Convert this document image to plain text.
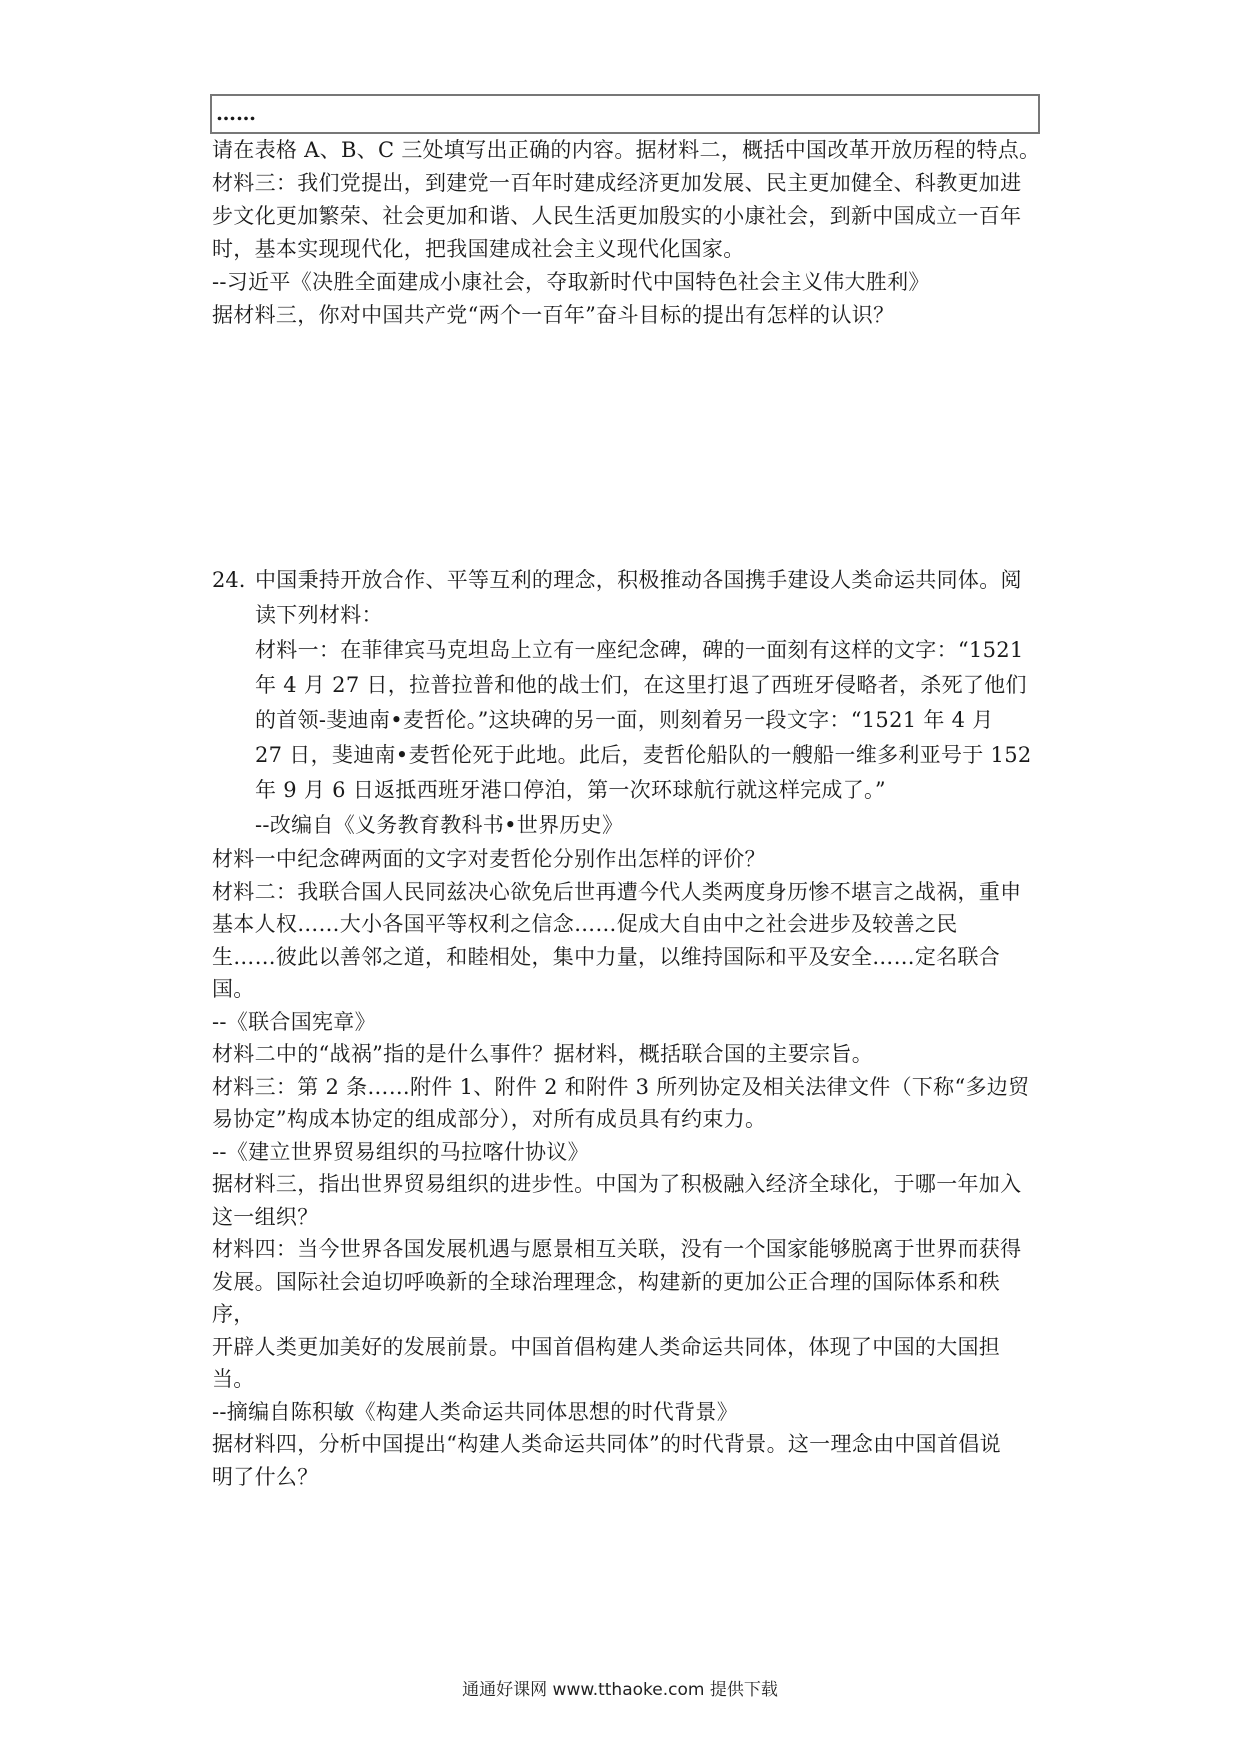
……

请在表格 A、B、C 三处填写出正确的内容。据材料二，概括中国改革开放历程的特点。

材料三：我们党提出，到建党一百年时建成经济更加发展、民主更加健全、科教更加进

步文化更加繁荣、社会更加和谐、人民生活更加殷实的小康社会，到新中国成立一百年

时，基本实现现代化，把我国建成社会主义现代化国家。

--习近平《决胜全面建成小康社会，夺取新时代中国特色社会主义伟大胜利》

据材料三，你对中国共产党“两个一百年”奋斗目标的提出有怎样的认识？

24. 中国秉持开放合作、平等互利的理念，积极推动各国携手建设人类命运共同体。阅

读下列材料：

材料一：在菲律宾马克坦岛上立有一座纪念碑，碑的一面刻有这样的文字：“1521

年 4 月 27 日，拉普拉普和他的战士们，在这里打退了西班牙侵略者，杀死了他们

的首领-斐迪南•麦哲伦。”这块碑的另一面，则刻着另一段文字：“1521 年 4 月

27 日，斐迪南•麦哲伦死于此地。此后，麦哲伦船队的一艘船一维多利亚号于 152

年 9 月 6 日返抵西班牙港口停泊，第一次环球航行就这样完成了。”

--改编自《义务教育教科书•世界历史》

材料一中纪念碑两面的文字对麦哲伦分别作出怎样的评价？

材料二：我联合国人民同兹决心欲免后世再遭今代人类两度身历惨不堪言之战祸，重申

基本人权……大小各国平等权利之信念……促成大自由中之社会进步及较善之民

生……彼此以善邻之道，和睦相处，集中力量，以维持国际和平及安全……定名联合国。

--《联合国宪章》

材料二中的“战祸”指的是什么事件？据材料，概括联合国的主要宗旨。

材料三：第 2 条……附件 1、附件 2 和附件 3 所列协定及相关法律文件（下称“多边贸

易协定”构成本协定的组成部分），对所有成员具有约束力。

--《建立世界贸易组织的马拉喀什协议》

据材料三，指出世界贸易组织的进步性。中国为了积极融入经济全球化，于哪一年加入

这一组织？

材料四：当今世界各国发展机遇与愿景相互关联，没有一个国家能够脱离于世界而获得

发展。国际社会迫切呼唤新的全球治理理念，构建新的更加公正合理的国际体系和秩序，

开辟人类更加美好的发展前景。中国首倡构建人类命运共同体，体现了中国的大国担当。

--摘编自陈积敏《构建人类命运共同体思想的时代背景》

据材料四，分析中国提出“构建人类命运共同体”的时代背景。这一理念由中国首倡说

明了什么？

通通好课网 www.tthaoke.com 提供下载
